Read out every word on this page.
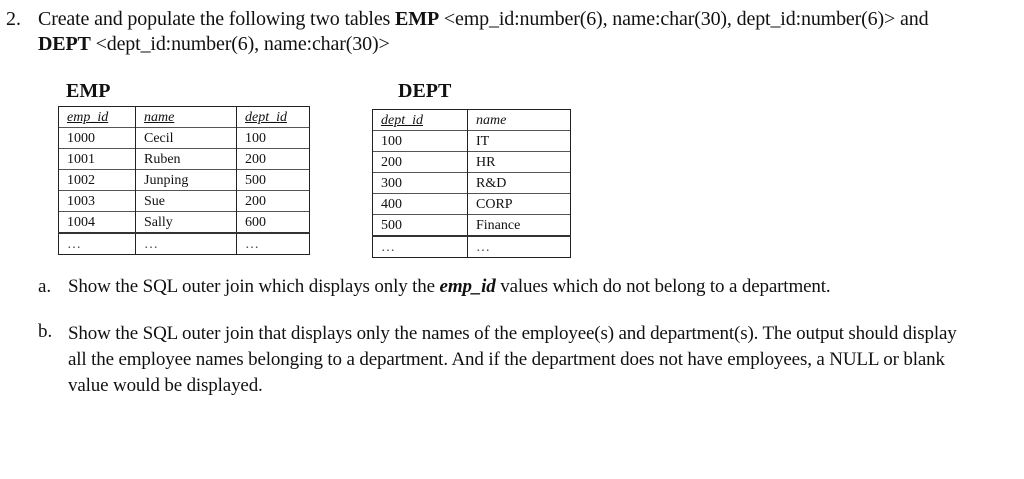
2. Create and populate the following two tables EMP <emp_id:number(6), name:char(30), dept_id:number(6)> and
DEPT <dept_id:number(6), name:char(30)>
EMP
emp_id	name	dept_id
1000	Cecil	100
1001	Ruben	200
1002	Junping	500
1003	Sue	200
1004	Sally	600
…	…	…
DEPT
dept_id	name
100	IT
200	HR
300	R&D
400	CORP
500	Finance
…	…
a. Show the SQL outer join which displays only the emp_id values which do not belong to a department.
b. Show the SQL outer join that displays only the names of the employee(s) and department(s). The output should display all the employee names belonging to a department. And if the department does not have employees, a NULL or blank value would be displayed.
